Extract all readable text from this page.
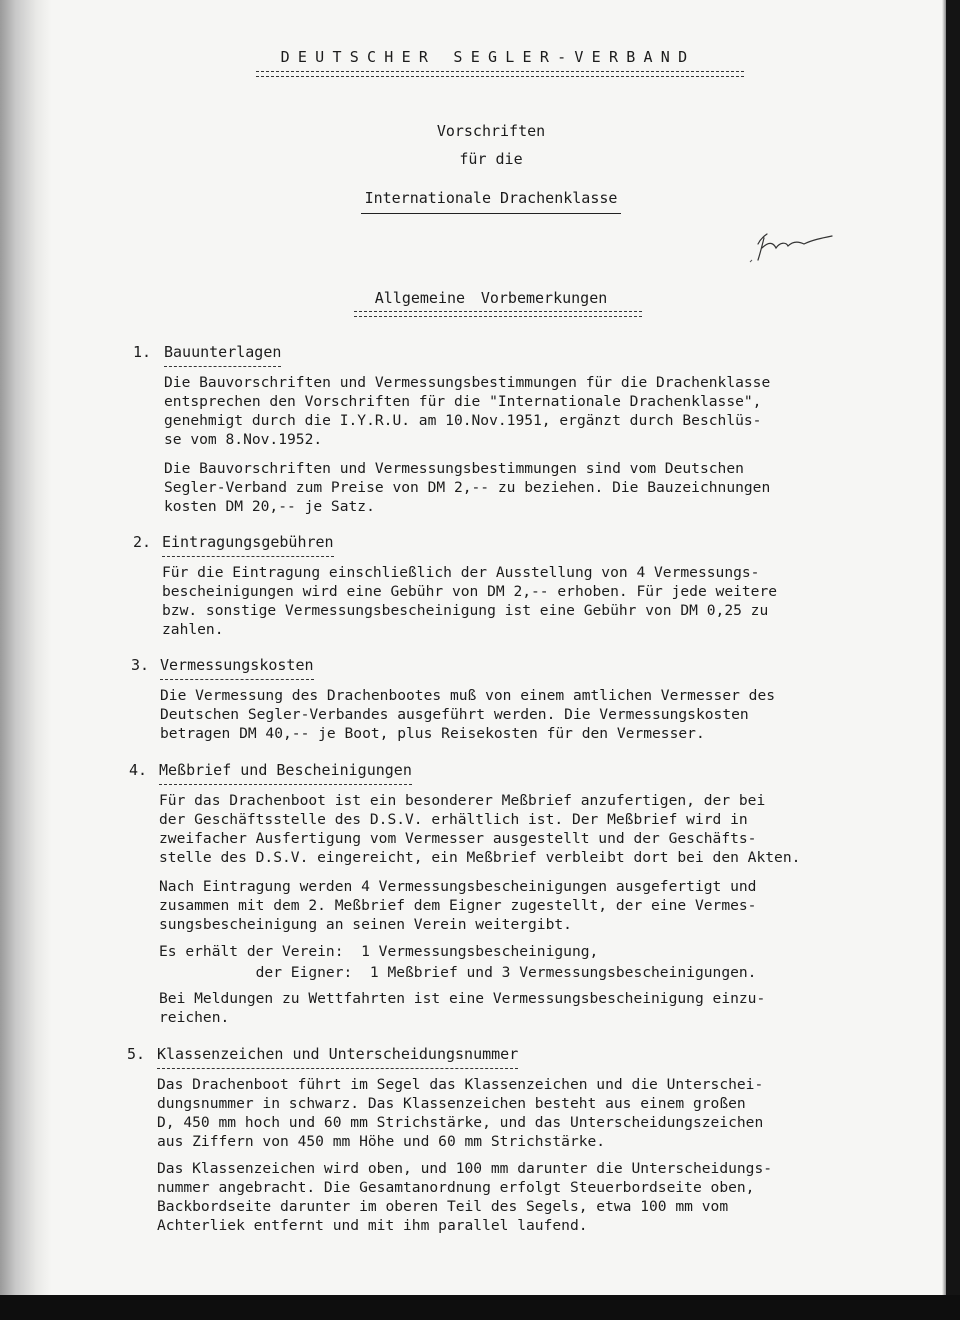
DEUTSCHER SEGLER-VERBAND
Vorschriften
für die
Internationale Drachenklasse
Allgemeine Vorbemerkungen
1. Bauunterlagen
Die Bauvorschriften und Vermessungsbestimmungen für die Drachenklasse
entsprechen den Vorschriften für die "Internationale Drachenklasse",
genehmigt durch die I.Y.R.U. am 10.Nov.1951, ergänzt durch Beschlüs-
se vom 8.Nov.1952.
Die Bauvorschriften und Vermessungsbestimmungen sind vom Deutschen
Segler-Verband zum Preise von DM 2,-- zu beziehen. Die Bauzeichnungen
kosten DM 20,-- je Satz.
2. Eintragungsgebühren
Für die Eintragung einschließlich der Ausstellung von 4 Vermessungs-
bescheinigungen wird eine Gebühr von DM 2,-- erhoben. Für jede weitere
bzw. sonstige Vermessungsbescheinigung ist eine Gebühr von DM 0,25 zu
zahlen.
3. Vermessungskosten
Die Vermessung des Drachenbootes muß von einem amtlichen Vermesser des
Deutschen Segler-Verbandes ausgeführt werden. Die Vermessungskosten
betragen DM 40,-- je Boot, plus Reisekosten für den Vermesser.
4. Meßbrief und Bescheinigungen
Für das Drachenboot ist ein besonderer Meßbrief anzufertigen, der bei
der Geschäftsstelle des D.S.V. erhältlich ist. Der Meßbrief wird in
zweifacher Ausfertigung vom Vermesser ausgestellt und der Geschäfts-
stelle des D.S.V. eingereicht, ein Meßbrief verbleibt dort bei den Akten.
Nach Eintragung werden 4 Vermessungsbescheinigungen ausgefertigt und
zusammen mit dem 2. Meßbrief dem Eigner zugestellt, der eine Vermes-
sungsbescheinigung an seinen Verein weitergibt.
Es erhält der Verein:  1 Vermessungsbescheinigung,
der Eigner:  1 Meßbrief und 3 Vermessungsbescheinigungen.
Bei Meldungen zu Wettfahrten ist eine Vermessungsbescheinigung einzu-
reichen.
5. Klassenzeichen und Unterscheidungsnummer
Das Drachenboot führt im Segel das Klassenzeichen und die Unterschei-
dungsnummer in schwarz. Das Klassenzeichen besteht aus einem großen
D, 450 mm hoch und 60 mm Strichstärke, und das Unterscheidungszeichen
aus Ziffern von 450 mm Höhe und 60 mm Strichstärke.
Das Klassenzeichen wird oben, und 100 mm darunter die Unterscheidungs-
nummer angebracht. Die Gesamtanordnung erfolgt Steuerbordseite oben,
Backbordseite darunter im oberen Teil des Segels, etwa 100 mm vom
Achterliek entfernt und mit ihm parallel laufend.
